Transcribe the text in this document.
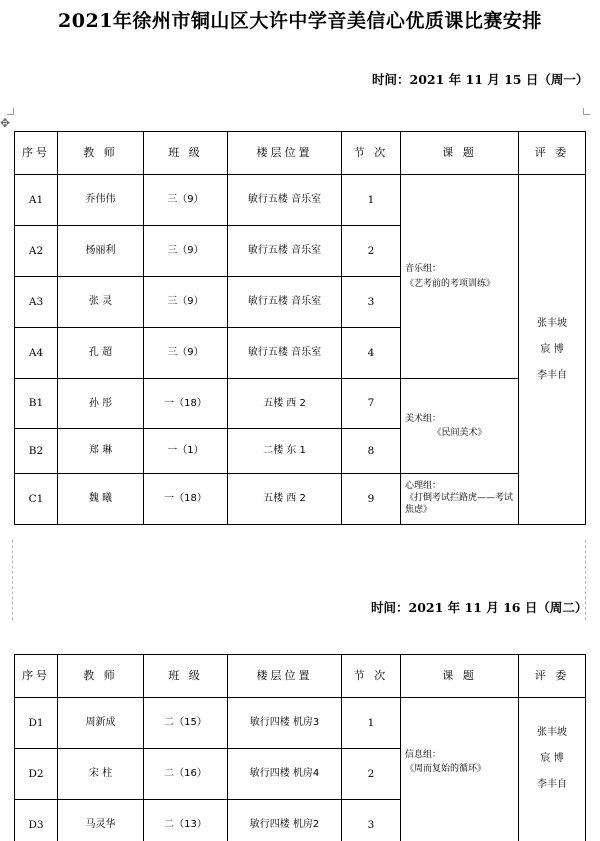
2021年徐州市铜山区大许中学音美信心优质课比赛安排
✥
时间：2021 年 11 月 15 日（周一）
序号	教 师	班 级	楼层位置	节 次	课 题	评 委
A1	乔伟伟	三（9）	敏行五楼 音乐室	1	音乐组：
《艺考前的考项训练》	张丰坡
宸 博
李丰自

A2	杨丽利	三（9）	敏行五楼 音乐室	2		
A3	张 灵	三（9）	敏行五楼 音乐室	3		
A4	孔 超	三（9）	敏行五楼 音乐室	4		
B1	孙 彤	一（18）	五楼 西 2	7	美术组：
《民间美术》	

B2	郑 琳	一（1）	二楼 东 1	8		
C1	魏 曦	一（18）	五楼 西 2	9	心理组：
《打倒考试拦路虎——考试焦虑》	
时间：2021 年 11 月 16 日（周二）
序号	教 师	班 级	楼层位置	节 次	课 题	评 委
D1	周新成	二（15）	敏行四楼 机房3	1	信息组：
《周而复始的循环》	张丰坡
宸 博
李丰自

D2	宋 柱	二（16）	敏行四楼 机房4	2		
D3	马灵华	二（13）	敏行四楼 机房2	3		
